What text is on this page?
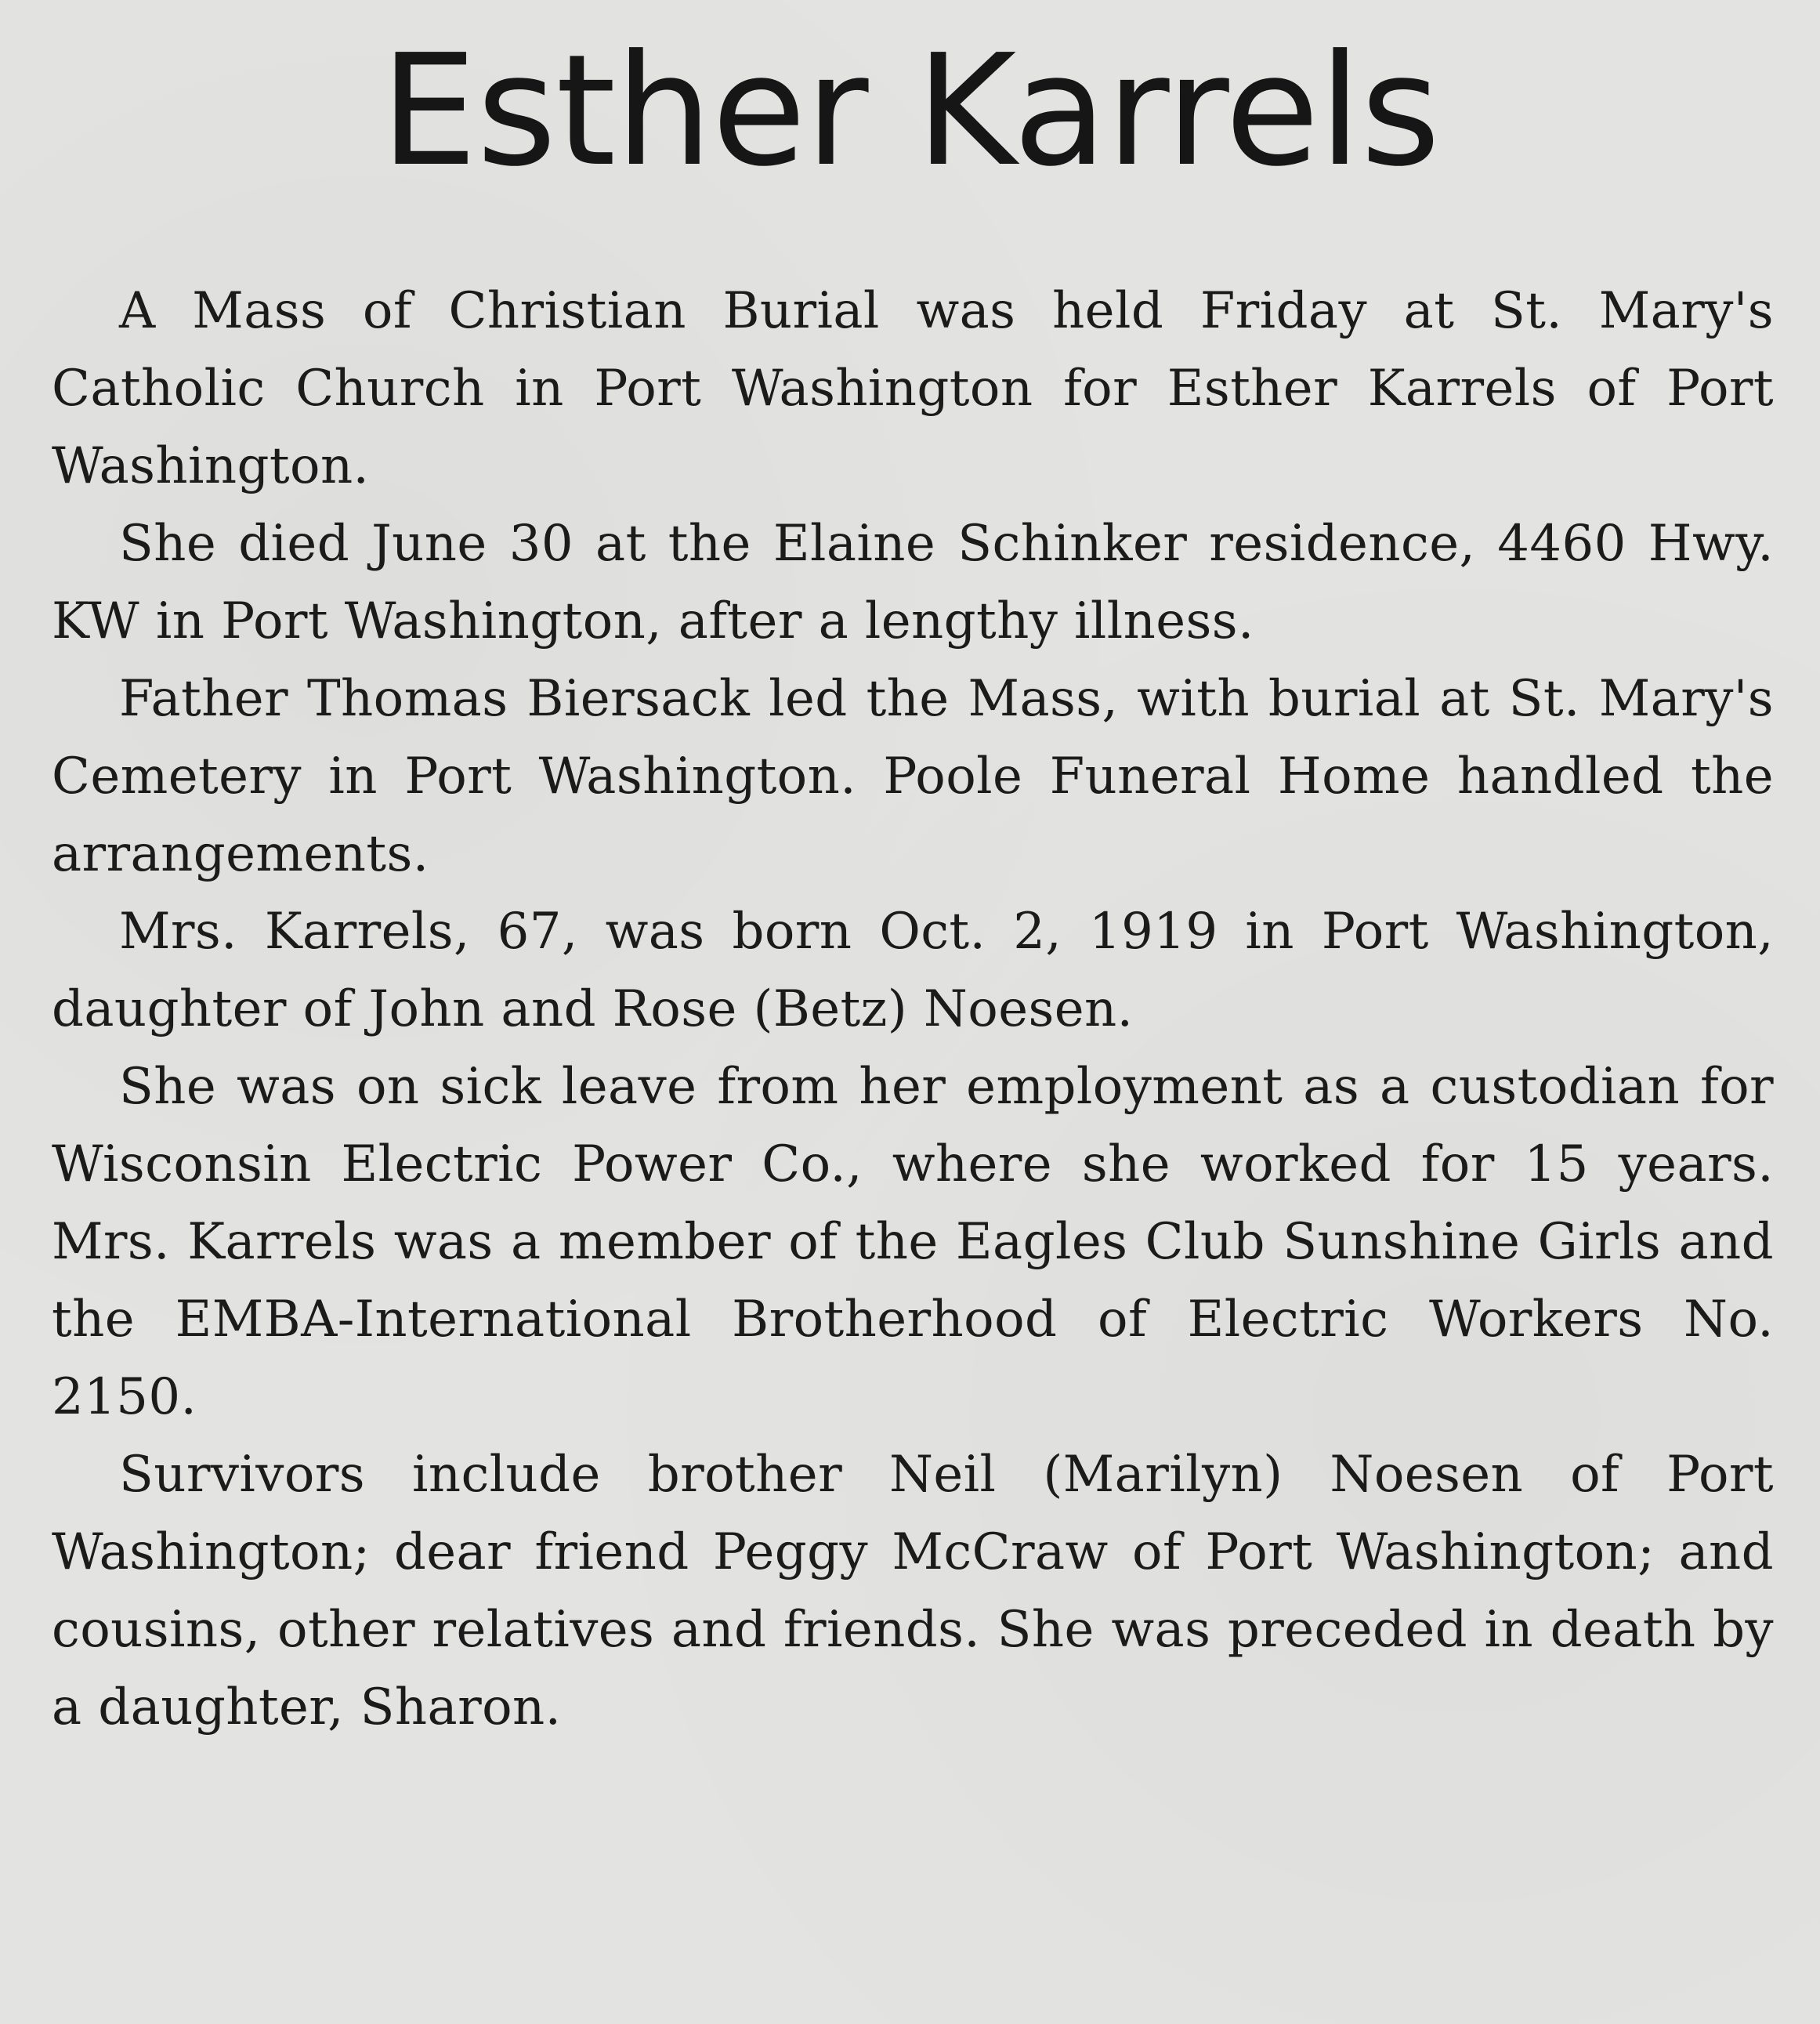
Esther Karrels

A Mass of Christian Burial was held Friday at St. Mary's Catholic Church in Port Washington for Esther Karrels of Port Washington.

She died June 30 at the Elaine Schinker residence, 4460 Hwy. KW in Port Washington, after a lengthy illness.

Father Thomas Biersack led the Mass, with burial at St. Mary's Cemetery in Port Washington. Poole Funeral Home handled the arrangements.

Mrs. Karrels, 67, was born Oct. 2, 1919 in Port Washington, daughter of John and Rose (Betz) Noesen.

She was on sick leave from her employment as a custodian for Wisconsin Electric Power Co., where she worked for 15 years. Mrs. Karrels was a member of the Eagles Club Sunshine Girls and the EMBA-International Brotherhood of Electric Workers No. 2150.

Survivors include brother Neil (Marilyn) Noesen of Port Washington; dear friend Peggy McCraw of Port Washington; and cousins, other relatives and friends. She was preceded in death by a daughter, Sharon.
